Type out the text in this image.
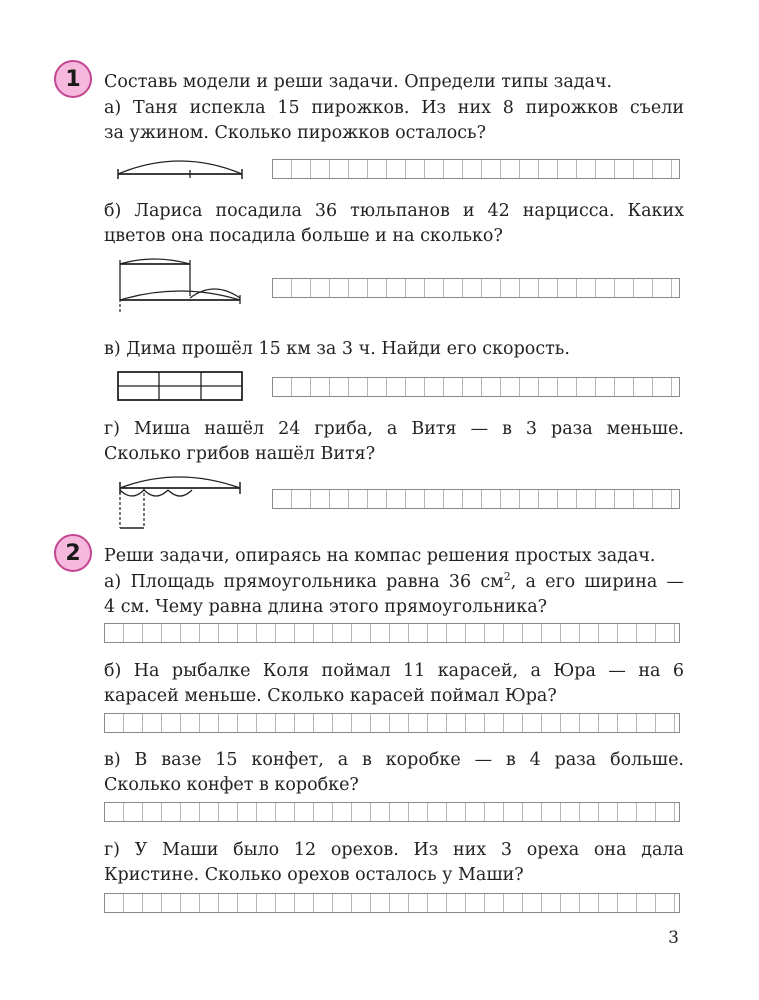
1 Составь модели и реши задачи. Определи типы задач.
а) Таня испекла 15 пирожков. Из них 8 пирожков съели
за ужином. Сколько пирожков осталось?
б) Лариса посадила 36 тюльпанов и 42 нарцисса. Каких
цветов она посадила больше и на сколько?
в) Дима прошёл 15 км за 3 ч. Найди его скорость.
г) Миша нашёл 24 гриба, а Витя — в 3 раза меньше.
Сколько грибов нашёл Витя?
2 Реши задачи, опираясь на компас решения простых задач.
а) Площадь прямоугольника равна 36 $см^2$, а его ширина —
4 см. Чему равна длина этого прямоугольника?
б) На рыбалке Коля поймал 11 карасей, а Юра — на 6
карасей меньше. Сколько карасей поймал Юра?
в) В вазе 15 конфет, а в коробке — в 4 раза больше.
Сколько конфет в коробке?
г) У Маши было 12 орехов. Из них 3 ореха она дала
Кристине. Сколько орехов осталось у Маши?
3
